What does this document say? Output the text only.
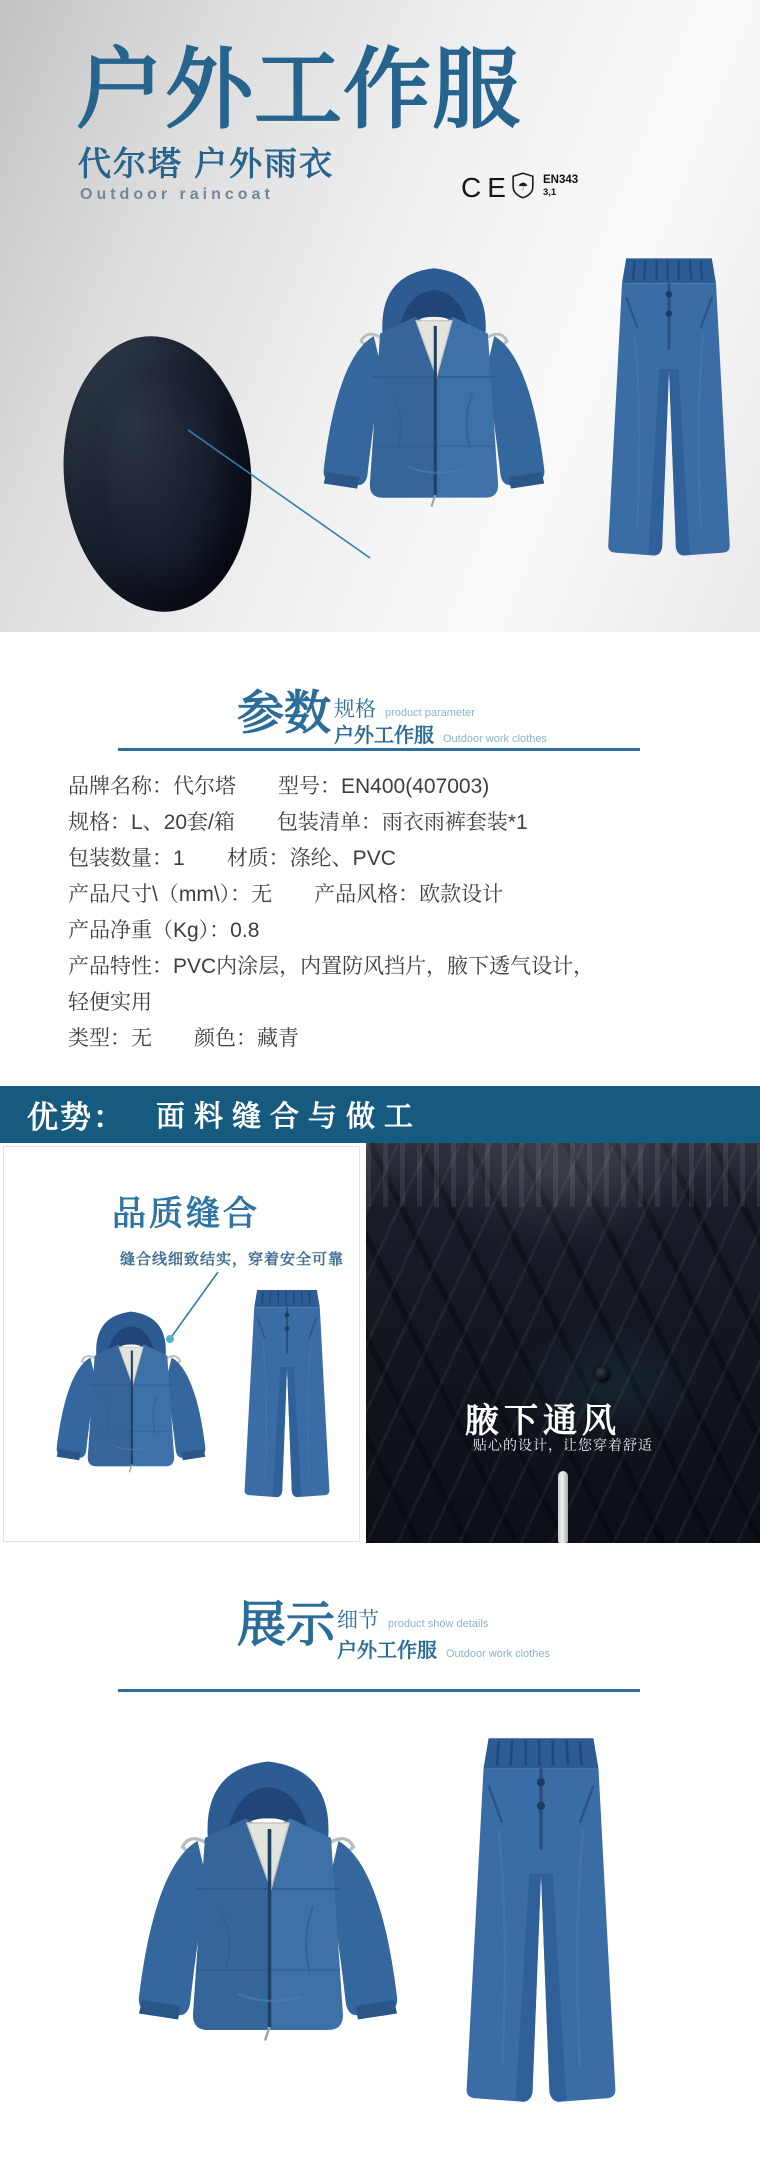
户外工作服
代尔塔 户外雨衣
Outdoor raincoat	CE ☂
EN343
3,1
参数 规格 product parameter
户外工作服 Outdoor work clothes
品牌名称：代尔塔 型号：EN400(407003)
规格：L、20套/箱 包装清单：雨衣雨裤套装*1
包装数量：1 材质：涤纶、PVC
产品尺寸\（mm\）：无 产品风格：欧款设计
产品净重（Kg）：0.8
产品特性：PVC内涂层，内置防风挡片，腋下透气设计，
轻便实用
类型：无 颜色：藏青
优势： 面料缝合与做工
品质缝合
缝合线细致结实，穿着安全可靠
腋下通风
贴心的设计，让您穿着舒适
展示 细节 product show details
户外工作服 Outdoor work clothes
